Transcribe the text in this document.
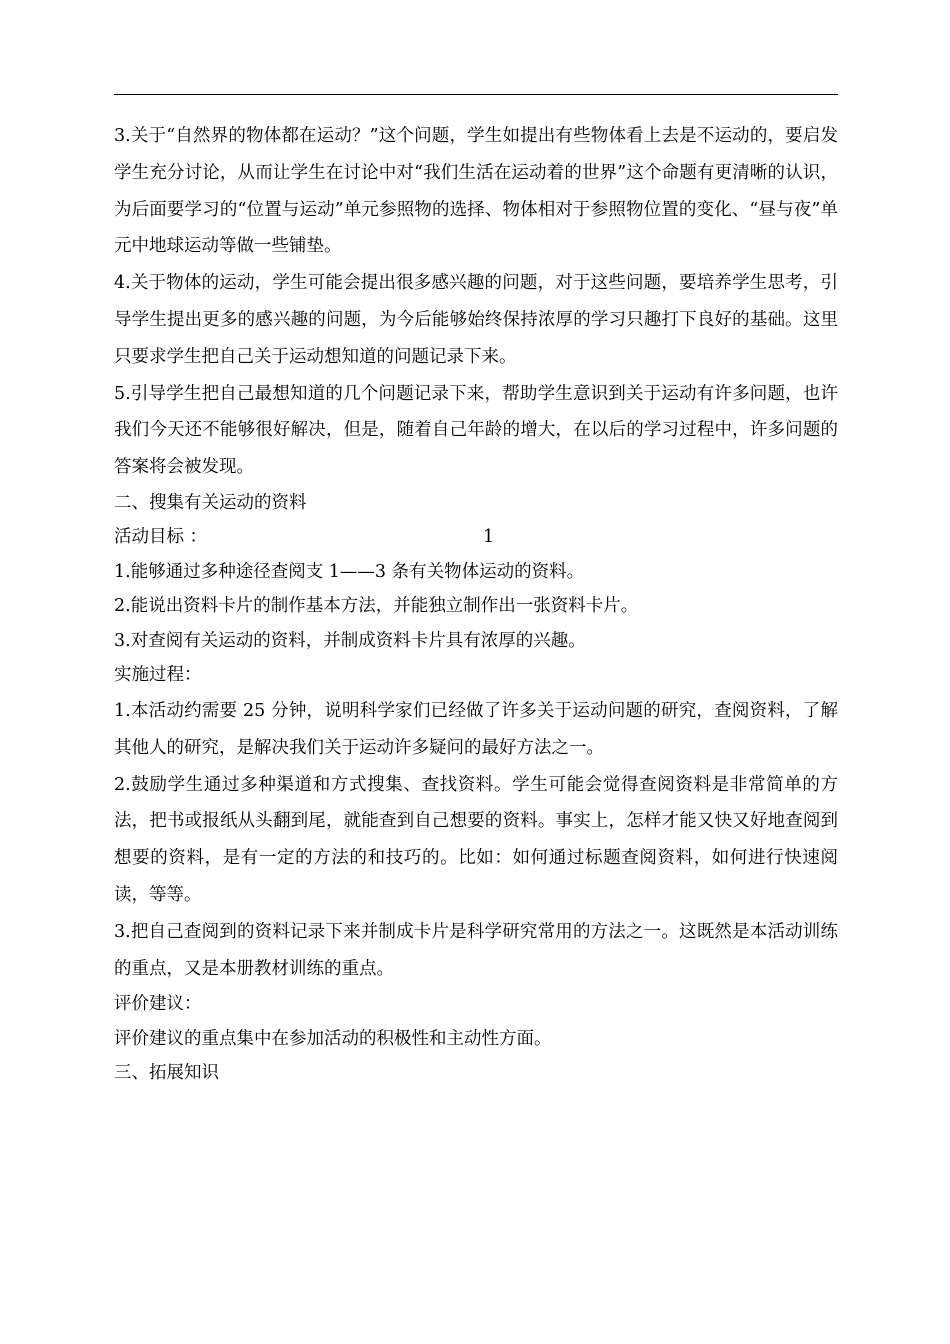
3.关于“自然界的物体都在运动？”这个问题，学生如提出有些物体看上去是不运动的，要启发学生充分讨论，从而让学生在讨论中对“我们生活在运动着的世界”这个命题有更清晰的认识，为后面要学习的“位置与运动”单元参照物的选择、物体相对于参照物位置的变化、“昼与夜”单元中地球运动等做一些铺垫。

4.关于物体的运动，学生可能会提出很多感兴趣的问题，对于这些问题，要培养学生思考，引导学生提出更多的感兴趣的问题，为今后能够始终保持浓厚的学习只趣打下良好的基础。这里只要求学生把自己关于运动想知道的问题记录下来。

5.引导学生把自己最想知道的几个问题记录下来，帮助学生意识到关于运动有许多问题，也许我们今天还不能够很好解决，但是，随着自己年龄的增大，在以后的学习过程中，许多问题的答案将会被发现。

二、搜集有关运动的资料
活动目标 ：	1
1.能够通过多种途径查阅支 1——3 条有关物体运动的资料。
2.能说出资料卡片的制作基本方法，并能独立制作出一张资料卡片。
3.对查阅有关运动的资料，并制成资料卡片具有浓厚的兴趣。
实施过程：

1.本活动约需要 25 分钟，说明科学家们已经做了许多关于运动问题的研究，查阅资料，了解其他人的研究，是解决我们关于运动许多疑问的最好方法之一。

2.鼓励学生通过多种渠道和方式搜集、查找资料。学生可能会觉得查阅资料是非常简单的方法，把书或报纸从头翻到尾，就能查到自己想要的资料。事实上，怎样才能又快又好地查阅到想要的资料，是有一定的方法的和技巧的。比如：如何通过标题查阅资料，如何进行快速阅读，等等。

3.把自己查阅到的资料记录下来并制成卡片是科学研究常用的方法之一。这既然是本活动训练的重点，又是本册教材训练的重点。

评价建议：
评价建议的重点集中在参加活动的积极性和主动性方面。
三、拓展知识
